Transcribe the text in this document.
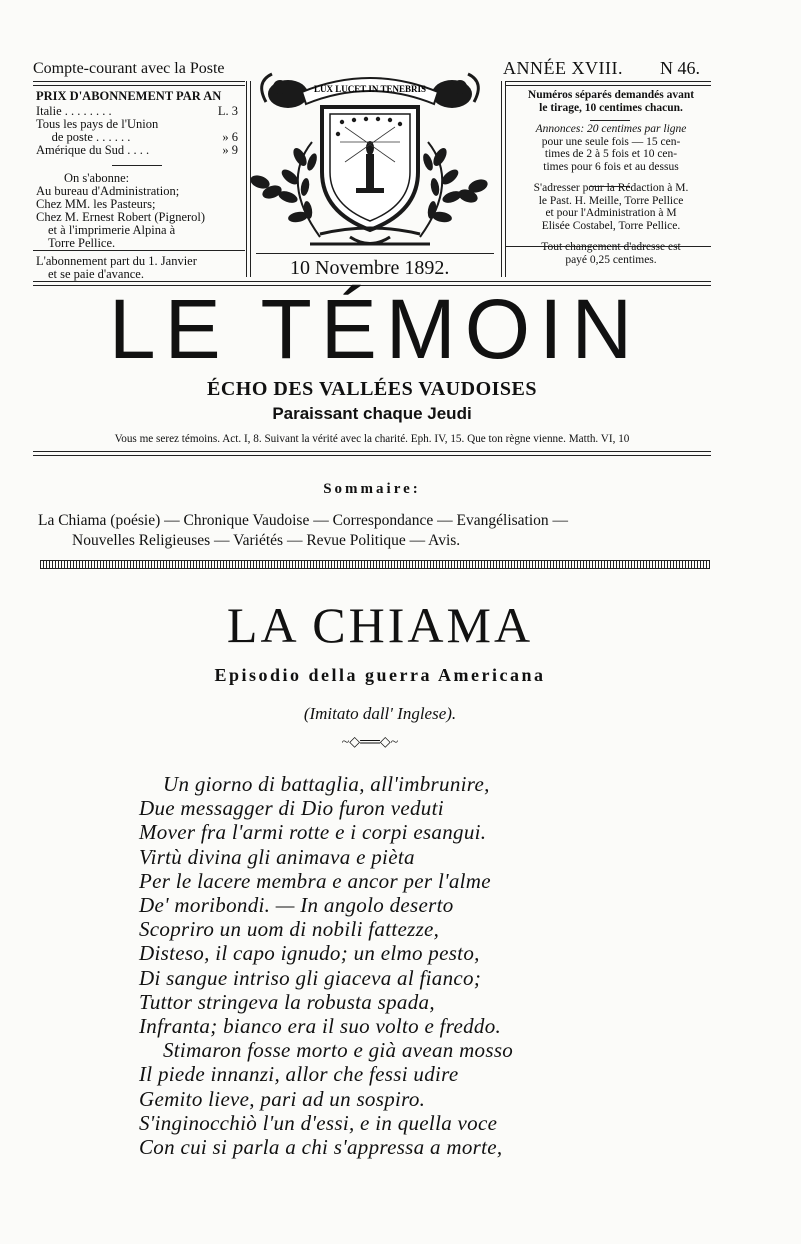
Compte-courant avec la Poste
PRIX D'ABONNEMENT PAR AN
Italie . . . . . . . .	L. 3
Tous les pays de l'Union
de poste . . . . . .	» 6
Amérique du Sud . . . .	» 9
On s'abonne:
Au bureau d'Administration;
Chez MM. les Pasteurs;
Chez M. Ernest Robert (Pignerol)
et à l'imprimerie Alpina à
Torre Pellice.
L'abonnement part du 1. Janvier
et se paie d'avance.
LUX LUCET IN TENEBRIS
10 Novembre 1892.
ANNÉE XVIII. N 46.
Numéros séparés demandés avant
le tirage, 10 centimes chacun.
Annonces: 20 centimes par ligne
pour une seule fois — 15 cen-
times de 2 à 5 fois et 10 cen-
times pour 6 fois et au dessus
S'adresser pour la Rédaction à M.
le Past. H. Meille, Torre Pellice
et pour l'Administration à M
Elisée Costabel, Torre Pellice.
Tout changement d'adresse est
payé 0,25 centimes.
LE TÉMOIN
ÉCHO DES VALLÉES VAUDOISES
Paraissant chaque Jeudi
Vous me serez témoins. Act. I, 8. Suivant la vérité avec la charité. Eph. IV, 15. Que ton règne vienne. Matth. VI, 10
Sommaire:
La Chiama (poésie) — Chronique Vaudoise — Correspondance — Evangélisation —
Nouvelles Religieuses — Variétés — Revue Politique — Avis.
LA CHIAMA
Episodio della guerra Americana
(Imitato dall' Inglese).
~◇══◇~
Un giorno di battaglia, all'imbrunire,
Due messagger di Dio furon veduti
Mover fra l'armi rotte e i corpi esangui.
Virtù divina gli animava e pièta
Per le lacere membra e ancor per l'alme
De' moribondi. — In angolo deserto
Scopriro un uom di nobili fattezze,
Disteso, il capo ignudo; un elmo pesto,
Di sangue intriso gli giaceva al fianco;
Tuttor stringeva la robusta spada,
Infranta; bianco era il suo volto e freddo.
Stimaron fosse morto e già avean mosso
Il piede innanzi, allor che fessi udire
Gemito lieve, pari ad un sospiro.
S'inginocchiò l'un d'essi, e in quella voce
Con cui si parla a chi s'appressa a morte,
